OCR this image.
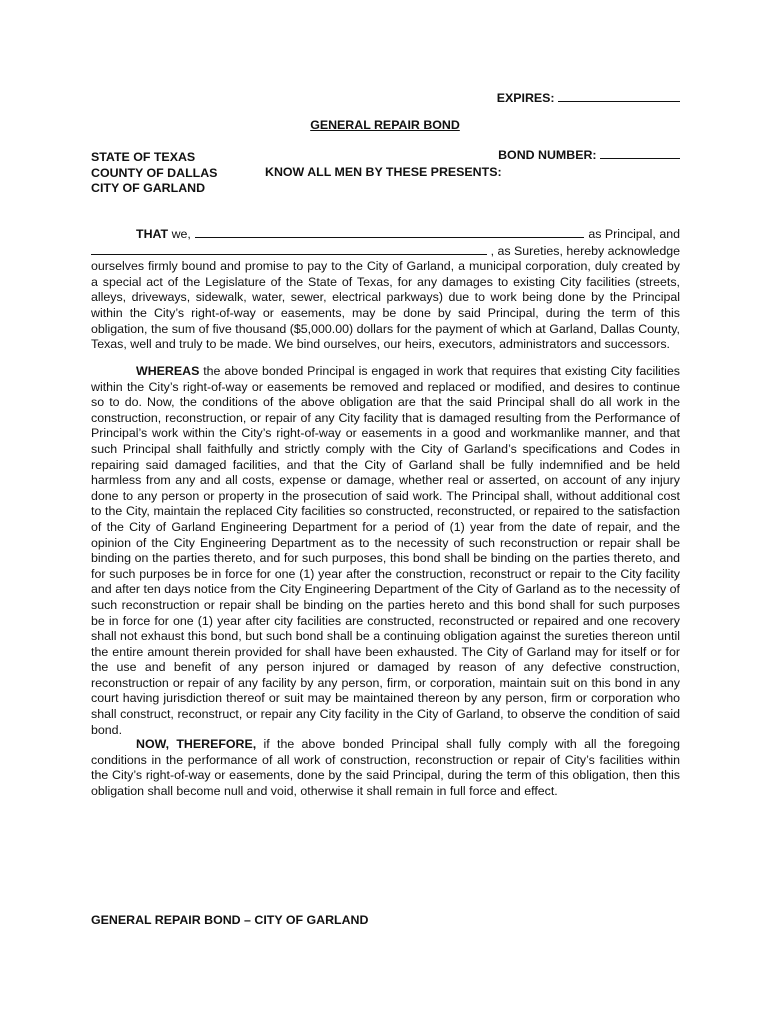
EXPIRES:
GENERAL REPAIR BOND
BOND NUMBER:
STATE OF TEXAS
COUNTY OF DALLAS
CITY OF GARLAND
KNOW ALL MEN BY THESE PRESENTS:
THAT
we,	as Principal, and
, as Sureties, hereby acknowledge
ourselves firmly bound and promise to pay to the City of Garland, a municipal corporation, duly created by a special act of the Legislature of the State of Texas, for any damages to existing City facilities (streets, alleys, driveways, sidewalk, water, sewer, electrical parkways) due to work being done by the Principal within the City’s right-of-way or easements, may be done by said Principal, during the term of this obligation, the sum of five thousand ($5,000.00) dollars for the payment of which at Garland, Dallas County, Texas, well and truly to be made. We bind ourselves, our heirs, executors, administrators and successors.

WHEREAS the above bonded Principal is engaged in work that requires that existing City facilities within the City’s right-of-way or easements be removed and replaced or modified, and desires to continue so to do. Now, the conditions of the above obligation are that the said Principal shall do all work in the construction, reconstruction, or repair of any City facility that is damaged resulting from the Performance of Principal’s work within the City’s right-of-way or easements in a good and workmanlike manner, and that such Principal shall faithfully and strictly comply with the City of Garland’s specifications and Codes in repairing said damaged facilities, and that the City of Garland shall be fully indemnified and be held harmless from any and all costs, expense or damage, whether real or asserted, on account of any injury done to any person or property in the prosecution of said work. The Principal shall, without additional cost to the City, maintain the replaced City facilities so constructed, reconstructed, or repaired to the satisfaction of the City of Garland Engineering Department for a period of (1) year from the date of repair, and the opinion of the City Engineering Department as to the necessity of such reconstruction or repair shall be binding on the parties thereto, and for such purposes, this bond shall be binding on the parties thereto, and for such purposes be in force for one (1) year after the construction, reconstruct or repair to the City facility and after ten days notice from the City Engineering Department of the City of Garland as to the necessity of such reconstruction or repair shall be binding on the parties hereto and this bond shall for such purposes be in force for one (1) year after city facilities are constructed, reconstructed or repaired and one recovery shall not exhaust this bond, but such bond shall be a continuing obligation against the sureties thereon until the entire amount therein provided for shall have been exhausted. The City of Garland may for itself or for the use and benefit of any person injured or damaged by reason of any defective construction, reconstruction or repair of any facility by any person, firm, or corporation, maintain suit on this bond in any court having jurisdiction thereof or suit may be maintained thereon by any person, firm or corporation who shall construct, reconstruct, or repair any City facility in the City of Garland, to observe the condition of said bond.

NOW, THEREFORE, if the above bonded Principal shall fully comply with all the foregoing conditions in the performance of all work of construction, reconstruction or repair of City’s facilities within the City’s right-of-way or easements, done by the said Principal, during the term of this obligation, then this obligation shall become null and void, otherwise it shall remain in full force and effect.

GENERAL REPAIR BOND – CITY OF GARLAND
